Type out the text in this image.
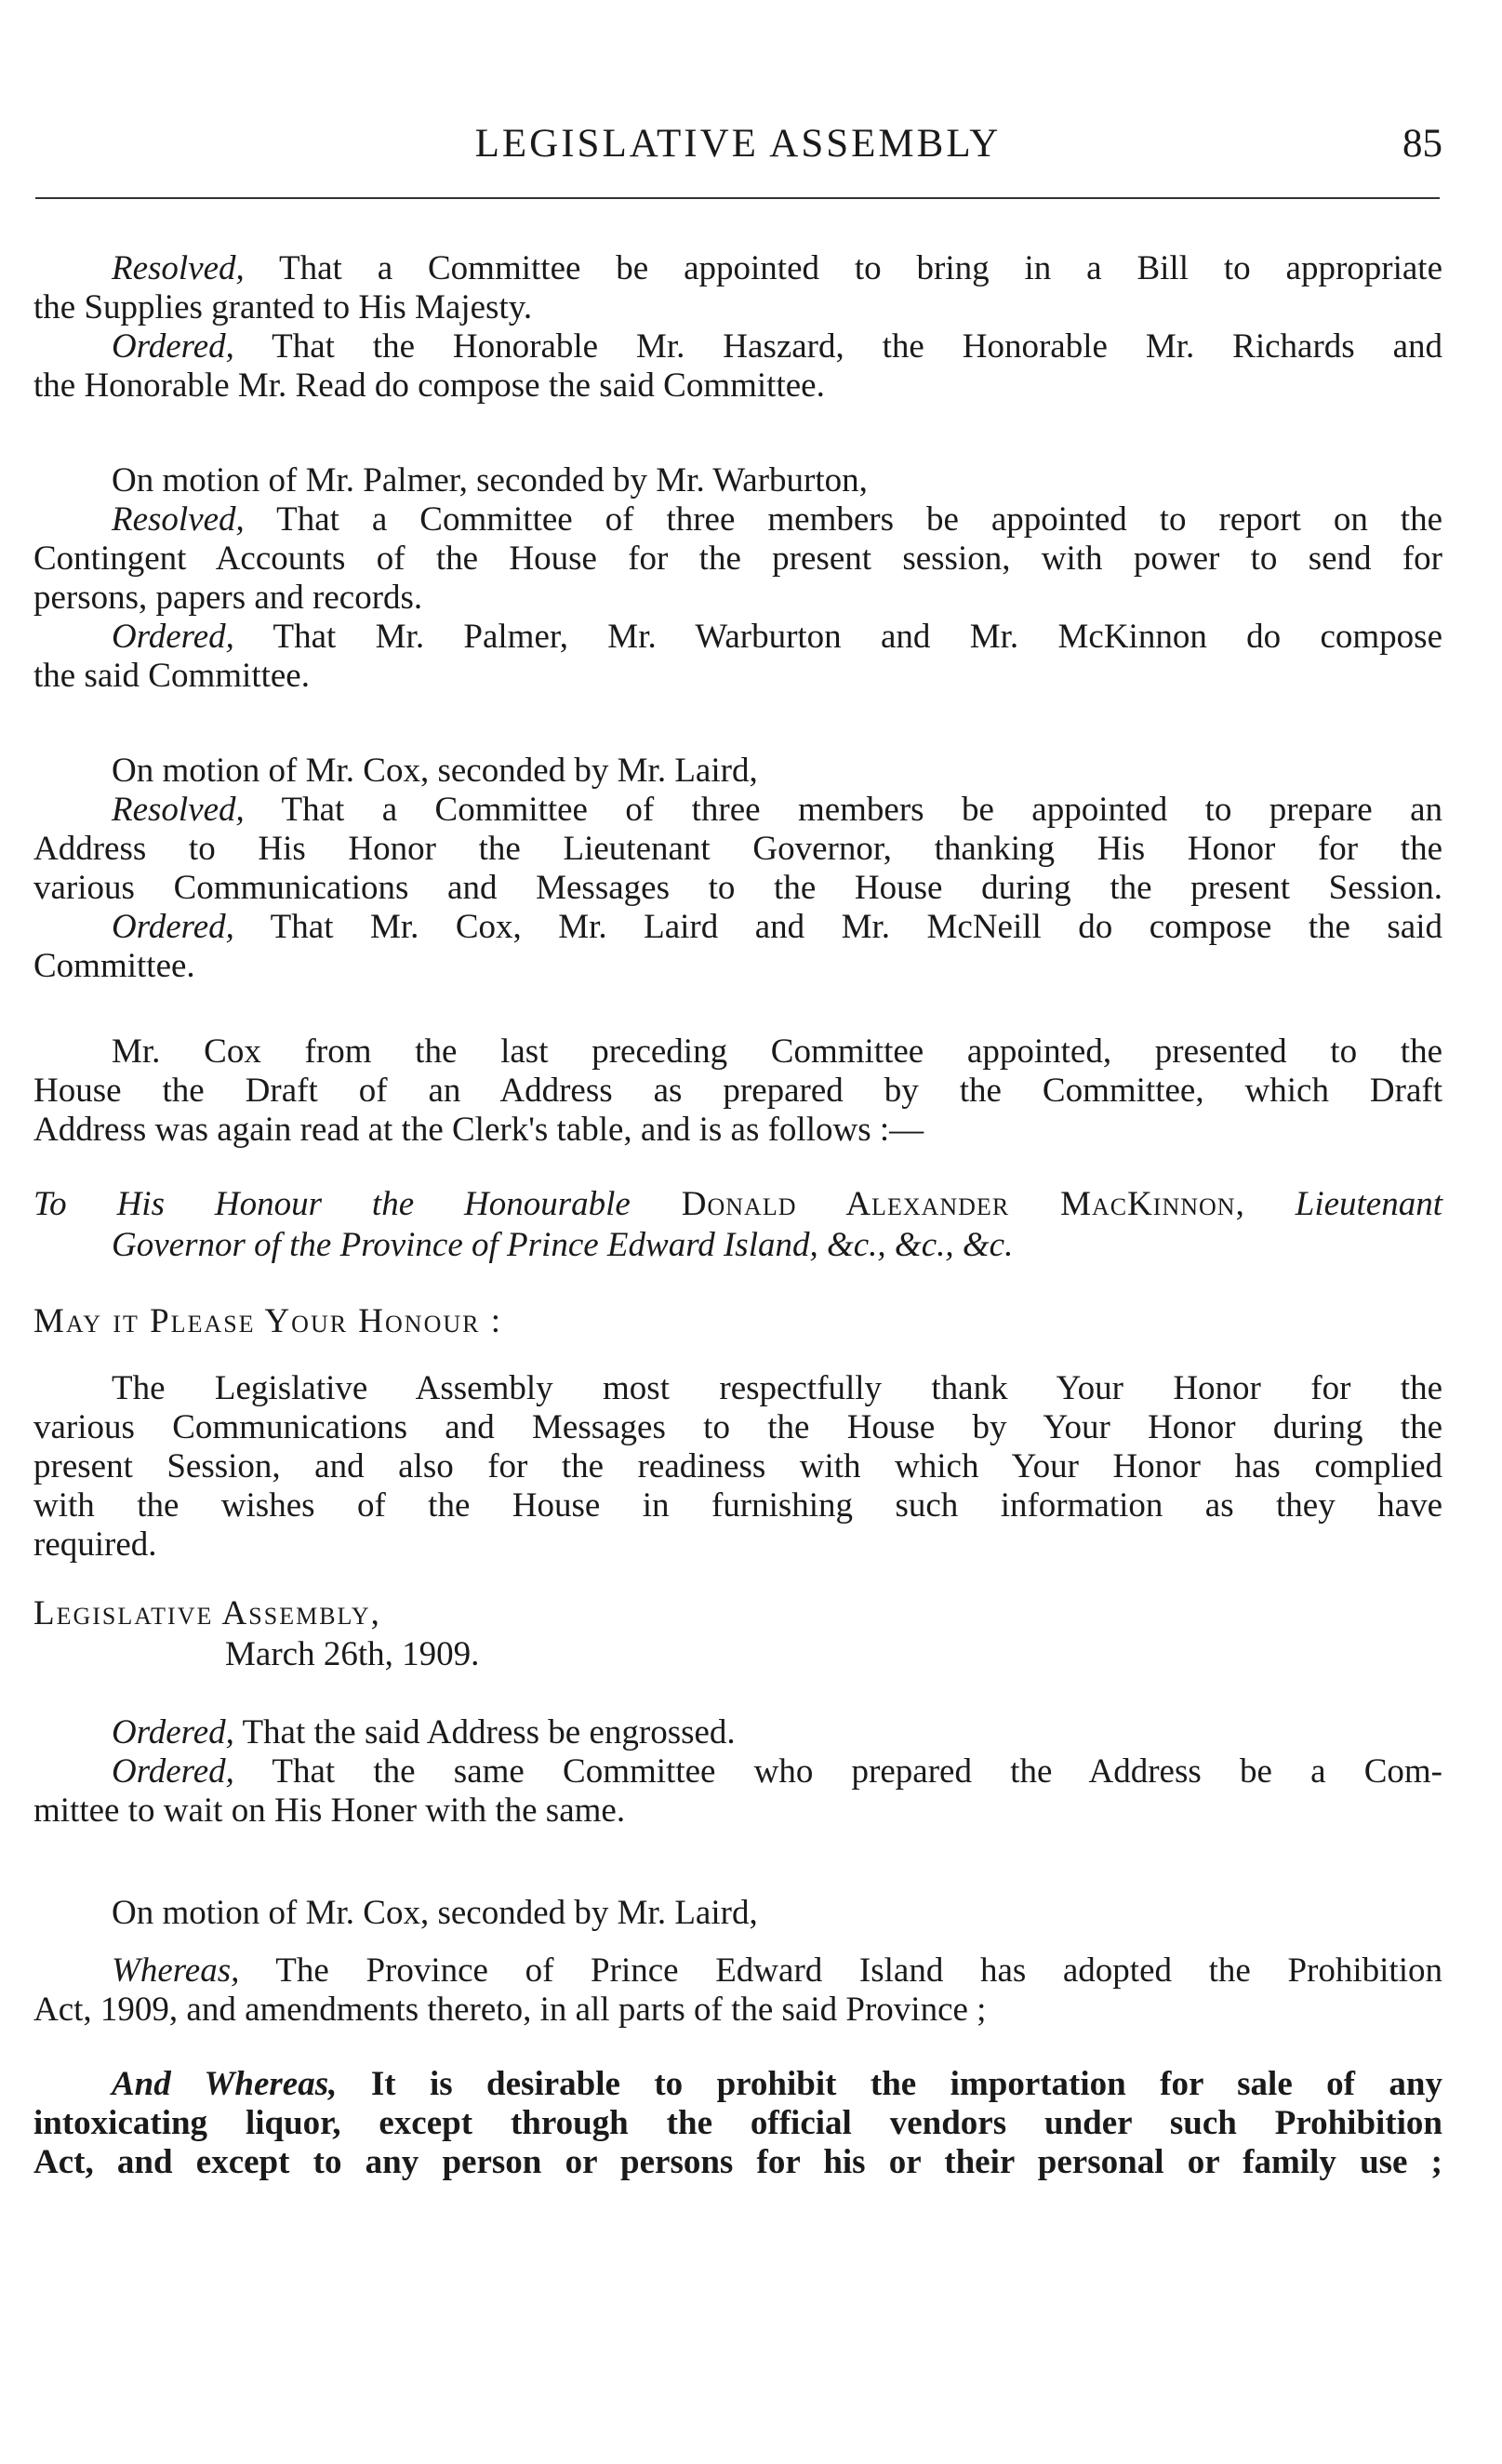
LEGISLATIVE ASSEMBLY	85
Resolved, That a Committee be appointed to bring in a Bill to appropriate
the Supplies granted to His Majesty.
Ordered, That the Honorable Mr. Haszard, the Honorable Mr. Richards and
the Honorable Mr. Read do compose the said Committee.
On motion of Mr. Palmer, seconded by Mr. Warburton,
Resolved, That a Committee of three members be appointed to report on the
Contingent Accounts of the House for the present session, with power to send for
persons, papers and records.
Ordered, That Mr. Palmer, Mr. Warburton and Mr. McKinnon do compose
the said Committee.
On motion of Mr. Cox, seconded by Mr. Laird,
Resolved, That a Committee of three members be appointed to prepare an
Address to His Honor the Lieutenant Governor, thanking His Honor for the
various Communications and Messages to the House during the present Session.
Ordered, That Mr. Cox, Mr. Laird and Mr. McNeill do compose the said
Committee.
Mr. Cox from the last preceding Committee appointed, presented to the
House the Draft of an Address as prepared by the Committee, which Draft
Address was again read at the Clerk's table, and is as follows :—
To His Honour the Honourable Donald Alexander MacKinnon, Lieutenant
Governor of the Province of Prince Edward Island, &c., &c., &c.
May it Please Your Honour :
The Legislative Assembly most respectfully thank Your Honor for the
various Communications and Messages to the House by Your Honor during the
present Session, and also for the readiness with which Your Honor has complied
with the wishes of the House in furnishing such information as they have
required.
Legislative Assembly,
March 26th, 1909.
Ordered, That the said Address be engrossed.
Ordered, That the same Committee who prepared the Address be a Com-
mittee to wait on His Honer with the same.
On motion of Mr. Cox, seconded by Mr. Laird,
Whereas, The Province of Prince Edward Island has adopted the Prohibition
Act, 1909, and amendments thereto, in all parts of the said Province ;
And Whereas, It is desirable to prohibit the importation for sale of any
intoxicating liquor, except through the official vendors under such Prohibition
Act, and except to any person or persons for his or their personal or family use ;
